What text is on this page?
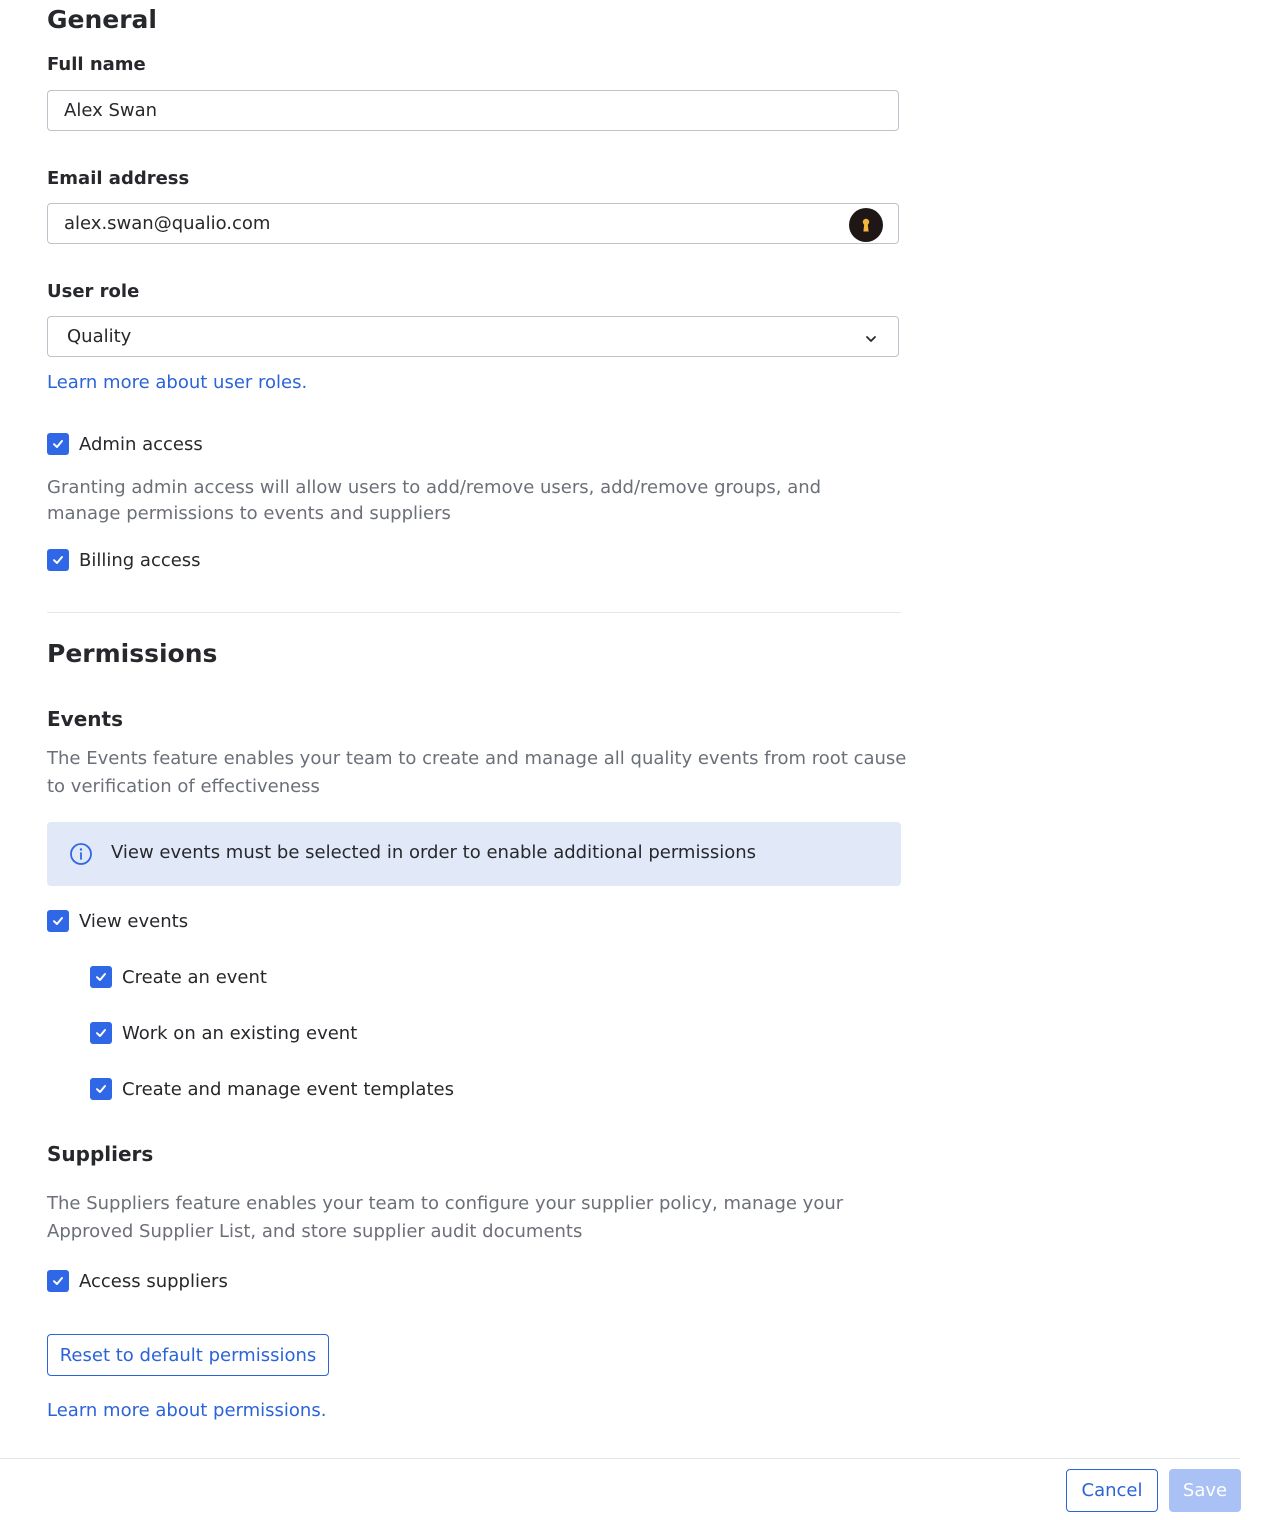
General
Full name
Alex Swan
Email address
alex.swan@qualio.com
User role
Quality
Learn more about user roles.
Admin access
Granting admin access will allow users to add/remove users, add/remove groups, and manage permissions to events and suppliers
Billing access
Permissions
Events
The Events feature enables your team to create and manage all quality events from root cause to verification of effectiveness
View events must be selected in order to enable additional permissions
View events
Create an event
Work on an existing event
Create and manage event templates
Suppliers
The Suppliers feature enables your team to configure your supplier policy, manage your Approved Supplier List, and store supplier audit documents
Access suppliers
Reset to default permissions
Learn more about permissions.
Cancel	Save
